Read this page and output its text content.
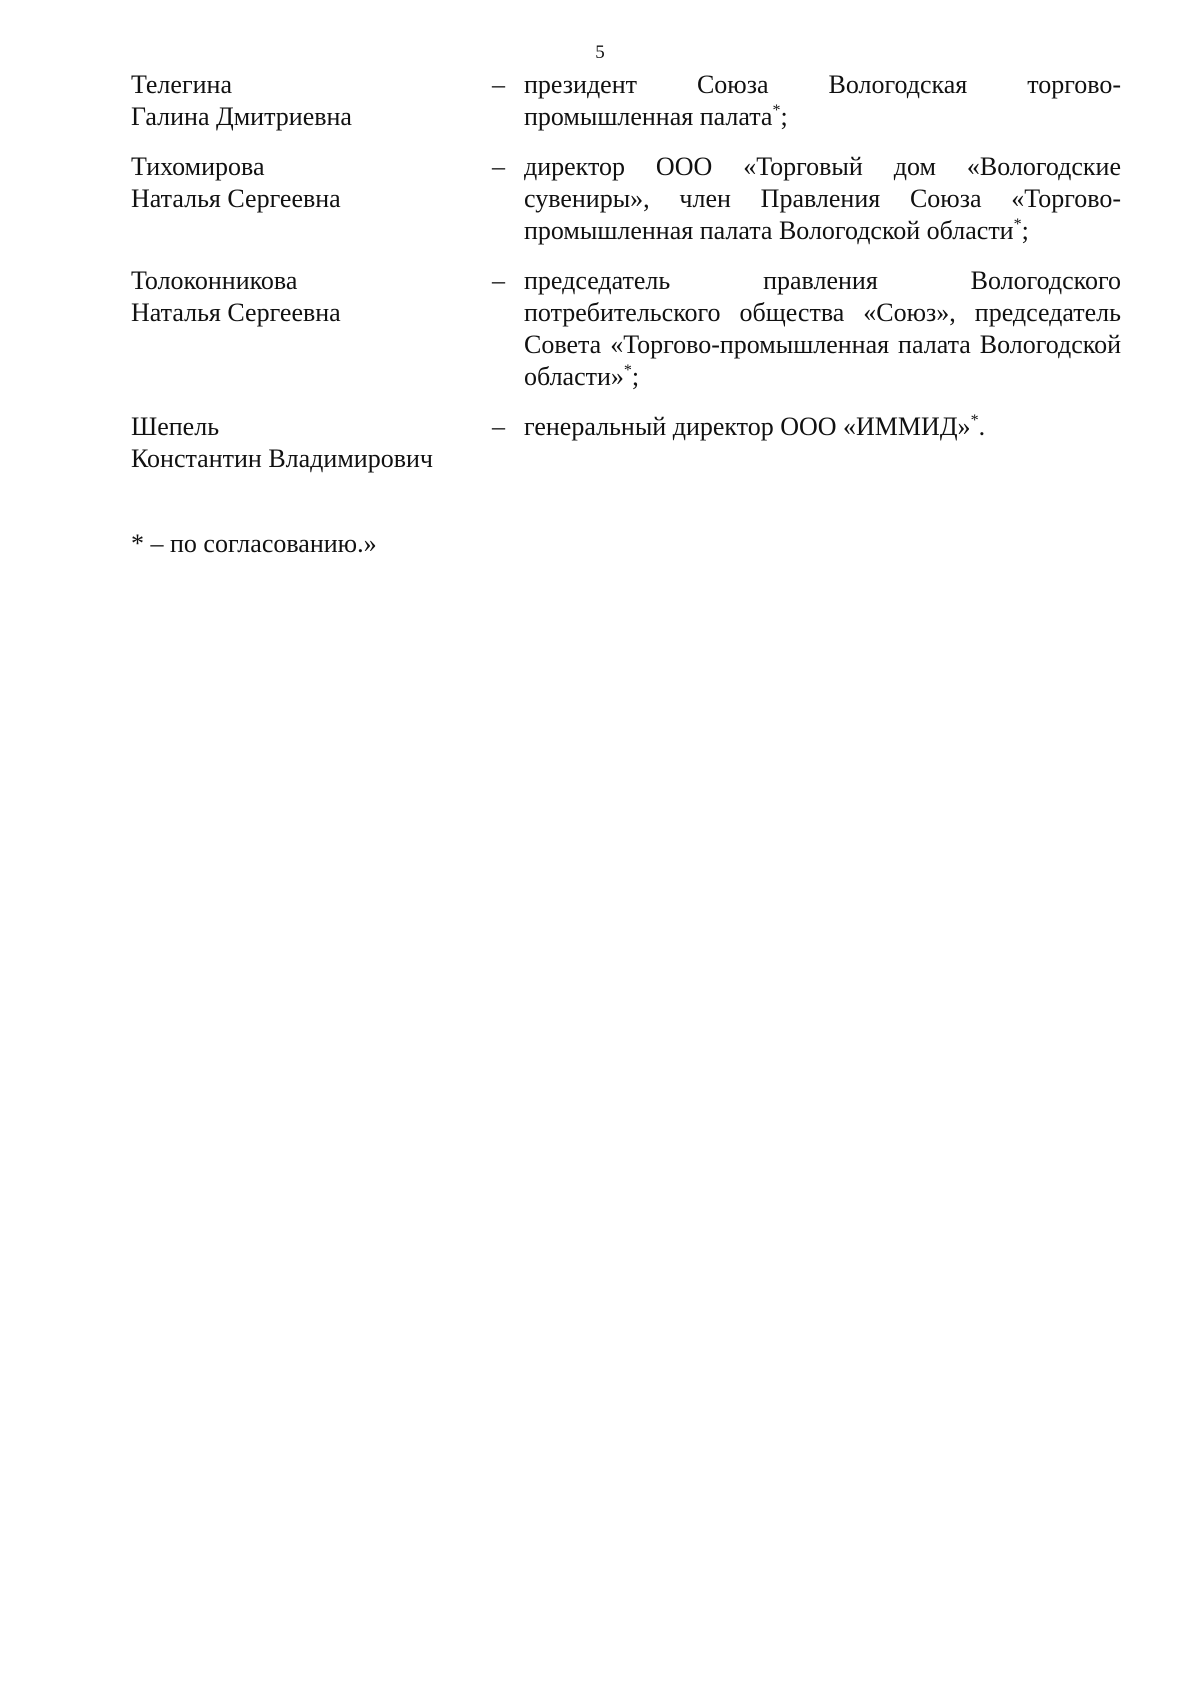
5
Телегина
Галина Дмитриевна
– президент Союза Вологодская торгово-промышленная палата*;
Тихомирова
Наталья Сергеевна
– директор ООО «Торговый дом «Вологодские сувениры», член Правления Союза «Торгово-промышленная палата Вологодской области*;
Толоконникова
Наталья Сергеевна
– председатель правления Вологодского потребительского общества «Союз», председатель Совета «Торгово-промышленная палата Вологодской области»*;
Шепель
Константин Владимирович
– генеральный директор ООО «ИММИД»*.
* – по согласованию.»
